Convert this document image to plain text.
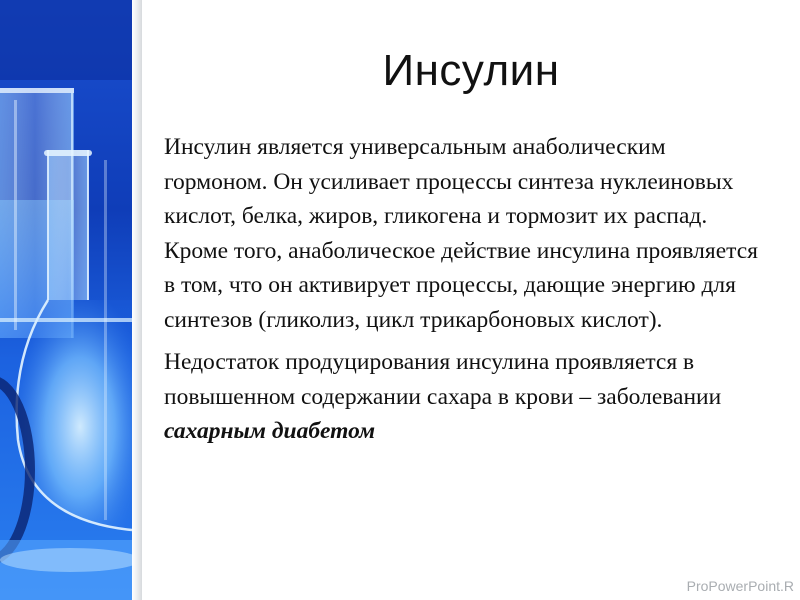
Инсулин

Инсулин является универсальным анаболическим гормоном. Он усиливает процессы синтеза нуклеиновых кислот, белка, жиров, гликогена и тормозит их распад. Кроме того, анаболическое действие инсулина проявляется в том, что он активирует процессы, дающие энергию для синтезов (гликолиз, цикл трикарбоновых кислот).

Недостаток продуцирования инсулина проявляется в повышенном содержании сахара в крови – заболевании сахарным диабетом

ProPowerPoint.R
